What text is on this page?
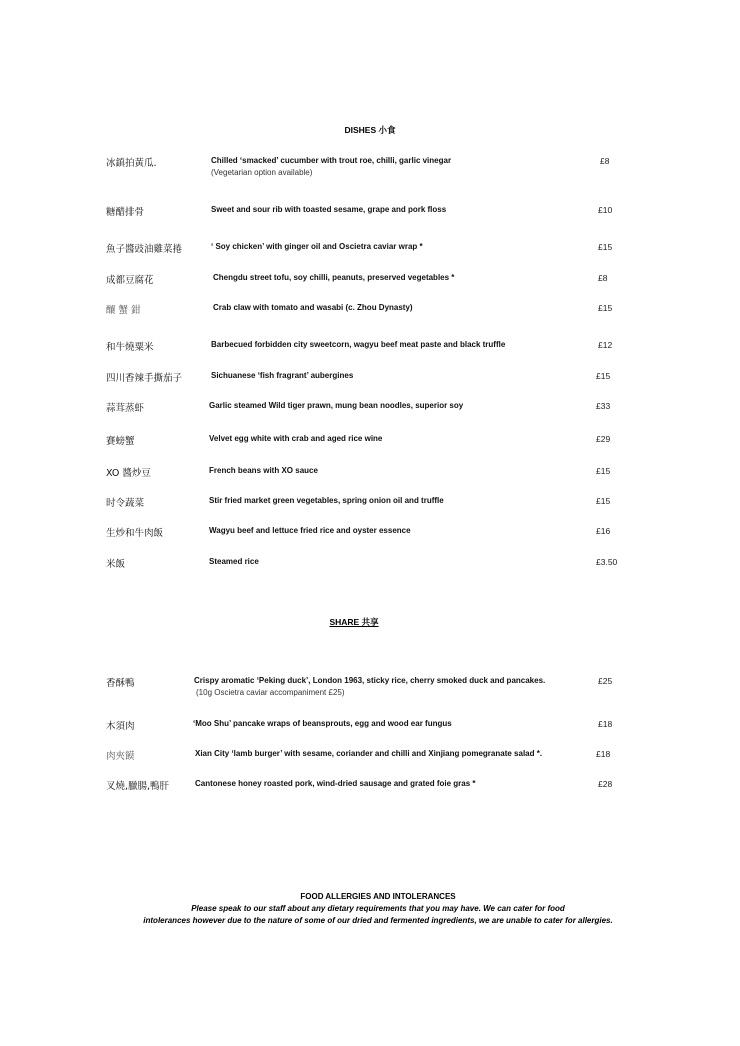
DISHES 小食
冰鎮拍黃瓜.	Chilled ‘smacked’ cucumber with trout roe, chilli, garlic vinegar
(Vegetarian option available)
£8
糖醋排骨	Sweet and sour rib with toasted sesame, grape and pork floss	£10
魚子醬豉油雞菜捲	‘ Soy chicken’ with ginger oil and Oscietra caviar wrap *	£15
成都豆腐花	Chengdu street tofu, soy chilli, peanuts, preserved vegetables *	£8
釀 蟹 鉗	Crab claw with tomato and wasabi (c. Zhou Dynasty)	£15
和牛燒粟米	Barbecued forbidden city sweetcorn, wagyu beef meat paste and black truffle	£12
四川香辣手撕茄子	Sichuanese ‘fish fragrant’ aubergines	£15
蒜茸蒸虾	Garlic steamed Wild tiger prawn, mung bean noodles, superior soy	£33
賽螃蟹	Velvet egg white with crab and aged rice wine	£29
XO 醬炒豆	French beans with XO sauce	£15
时令蔬菜	Stir fried market green vegetables, spring onion oil and truffle	£15
生炒和牛肉飯	Wagyu beef and lettuce fried rice and oyster essence	£16
米飯	Steamed rice	£3.50
SHARE 共享
香酥鴨	Crispy aromatic ‘Peking duck’, London 1963, sticky rice, cherry smoked duck and pancakes.
(10g Oscietra caviar accompaniment £25)
£25
木須肉	‘Moo Shu’ pancake wraps of beansprouts, egg and wood ear fungus	£18
肉夾饃	Xian City ‘lamb burger’ with sesame, coriander and chilli and Xinjiang pomegranate salad *.	£18
叉燒,臘腸,鴨肝	Cantonese honey roasted pork, wind-dried sausage and grated foie gras *	£28
FOOD ALLERGIES AND INTOLERANCES
Please speak to our staff about any dietary requirements that you may have. We can cater for food
intolerances however due to the nature of some of our dried and fermented ingredients, we are unable to cater for allergies.
